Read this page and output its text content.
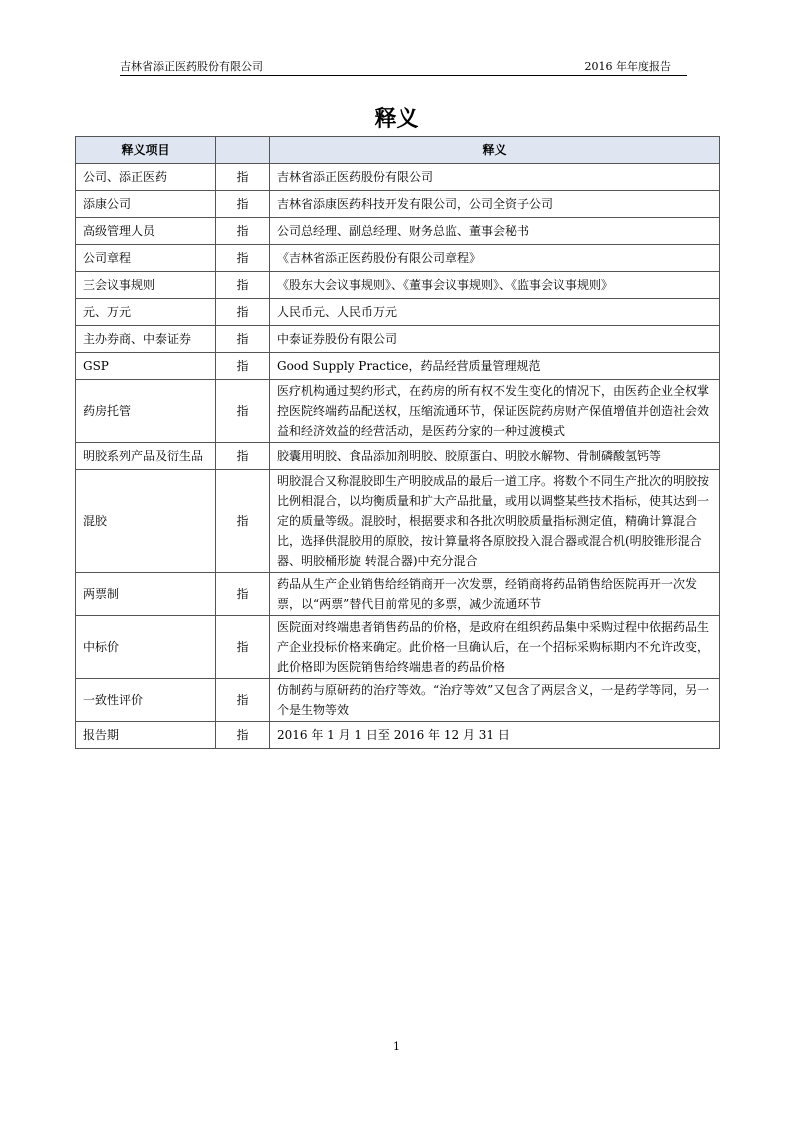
吉林省添正医药股份有限公司	2016 年年度报告
释义
释义项目		释义
公司、添正医药	指	吉林省添正医药股份有限公司
添康公司	指	吉林省添康医药科技开发有限公司，公司全资子公司
高级管理人员	指	公司总经理、副总经理、财务总监、董事会秘书
公司章程	指	《吉林省添正医药股份有限公司章程》
三会议事规则	指	《股东大会议事规则》、《董事会议事规则》、《监事会议事规则》
元、万元	指	人民币元、人民币万元
主办券商、中泰证券	指	中泰证券股份有限公司
GSP	指	Good Supply Practice，药品经营质量管理规范
药房托管	指	医疗机构通过契约形式，在药房的所有权不发生变化的情况下，由医药企业全权掌控医院终端药品配送权，压缩流通环节，保证医院药房财产保值增值并创造社会效益和经济效益的经营活动，是医药分家的一种过渡模式
明胶系列产品及衍生品	指	胶囊用明胶、食品添加剂明胶、胶原蛋白、明胶水解物、骨制磷酸氢钙等
混胶	指	明胶混合又称混胶即生产明胶成品的最后一道工序。将数个不同生产批次的明胶按比例相混合，以均衡质量和扩大产品批量，或用以调整某些技术指标，使其达到一定的质量等级。混胶时，根据要求和各批次明胶质量指标测定值，精确计算混合比，选择供混胶用的原胶，按计算量将各原胶投入混合器或混合机(明胶锥形混合器、明胶桶形旋 转混合器)中充分混合
两票制	指	药品从生产企业销售给经销商开一次发票，经销商将药品销售给医院再开一次发票，以“两票”替代目前常见的多票，减少流通环节
中标价	指	医院面对终端患者销售药品的价格，是政府在组织药品集中采购过程中依据药品生产企业投标价格来确定。此价格一旦确认后，在一个招标采购标期内不允许改变，此价格即为医院销售给终端患者的药品价格
一致性评价	指	仿制药与原研药的治疗等效。“治疗等效”又包含了两层含义，一是药学等同，另一个是生物等效
报告期	指	2016 年 1 月 1 日至 2016 年 12 月 31 日
1
